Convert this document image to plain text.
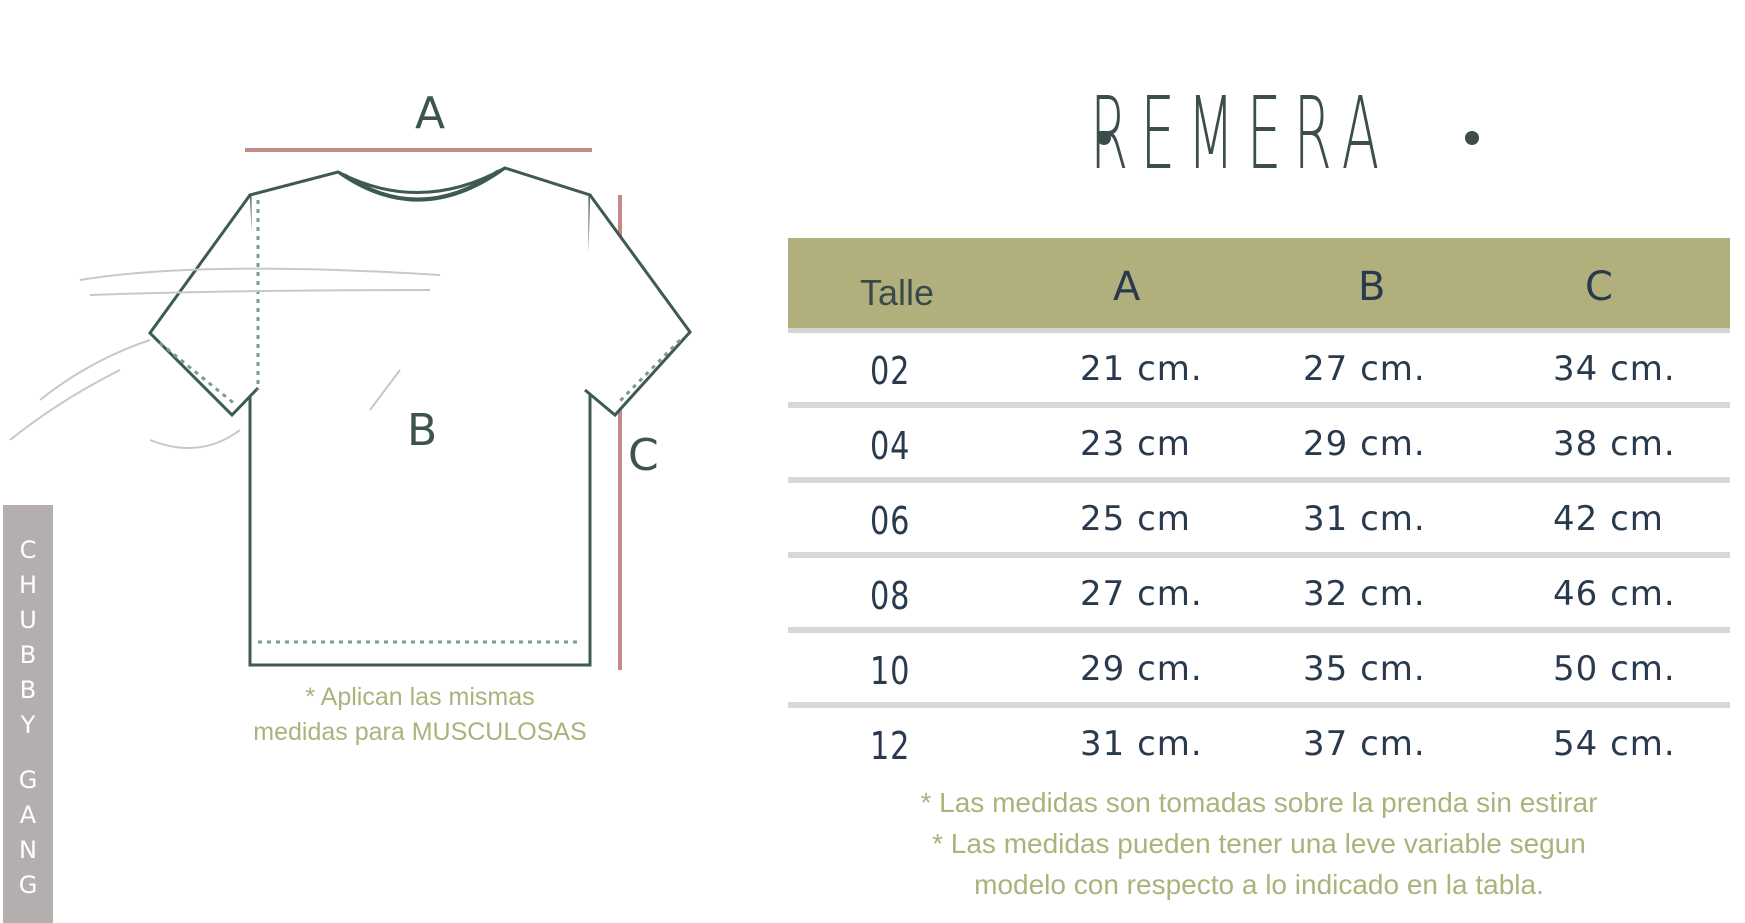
A
B	C
* Aplican las mismas
medidas para MUSCULOSAS
C
H
U
B
B
Y
G
A
N
G
REMERA
Talle	A	B	C
02	21 cm.	27 cm.	34 cm.
04	23 cm	29 cm.	38 cm.
06	25 cm	31 cm.	42 cm
08	27 cm.	32 cm.	46 cm.
10	29 cm.	35 cm.	50 cm.
12	31 cm.	37 cm.	54 cm.
* Las medidas son tomadas sobre la prenda sin estirar
* Las medidas pueden tener una leve variable segun
modelo con respecto a lo indicado en la tabla.
